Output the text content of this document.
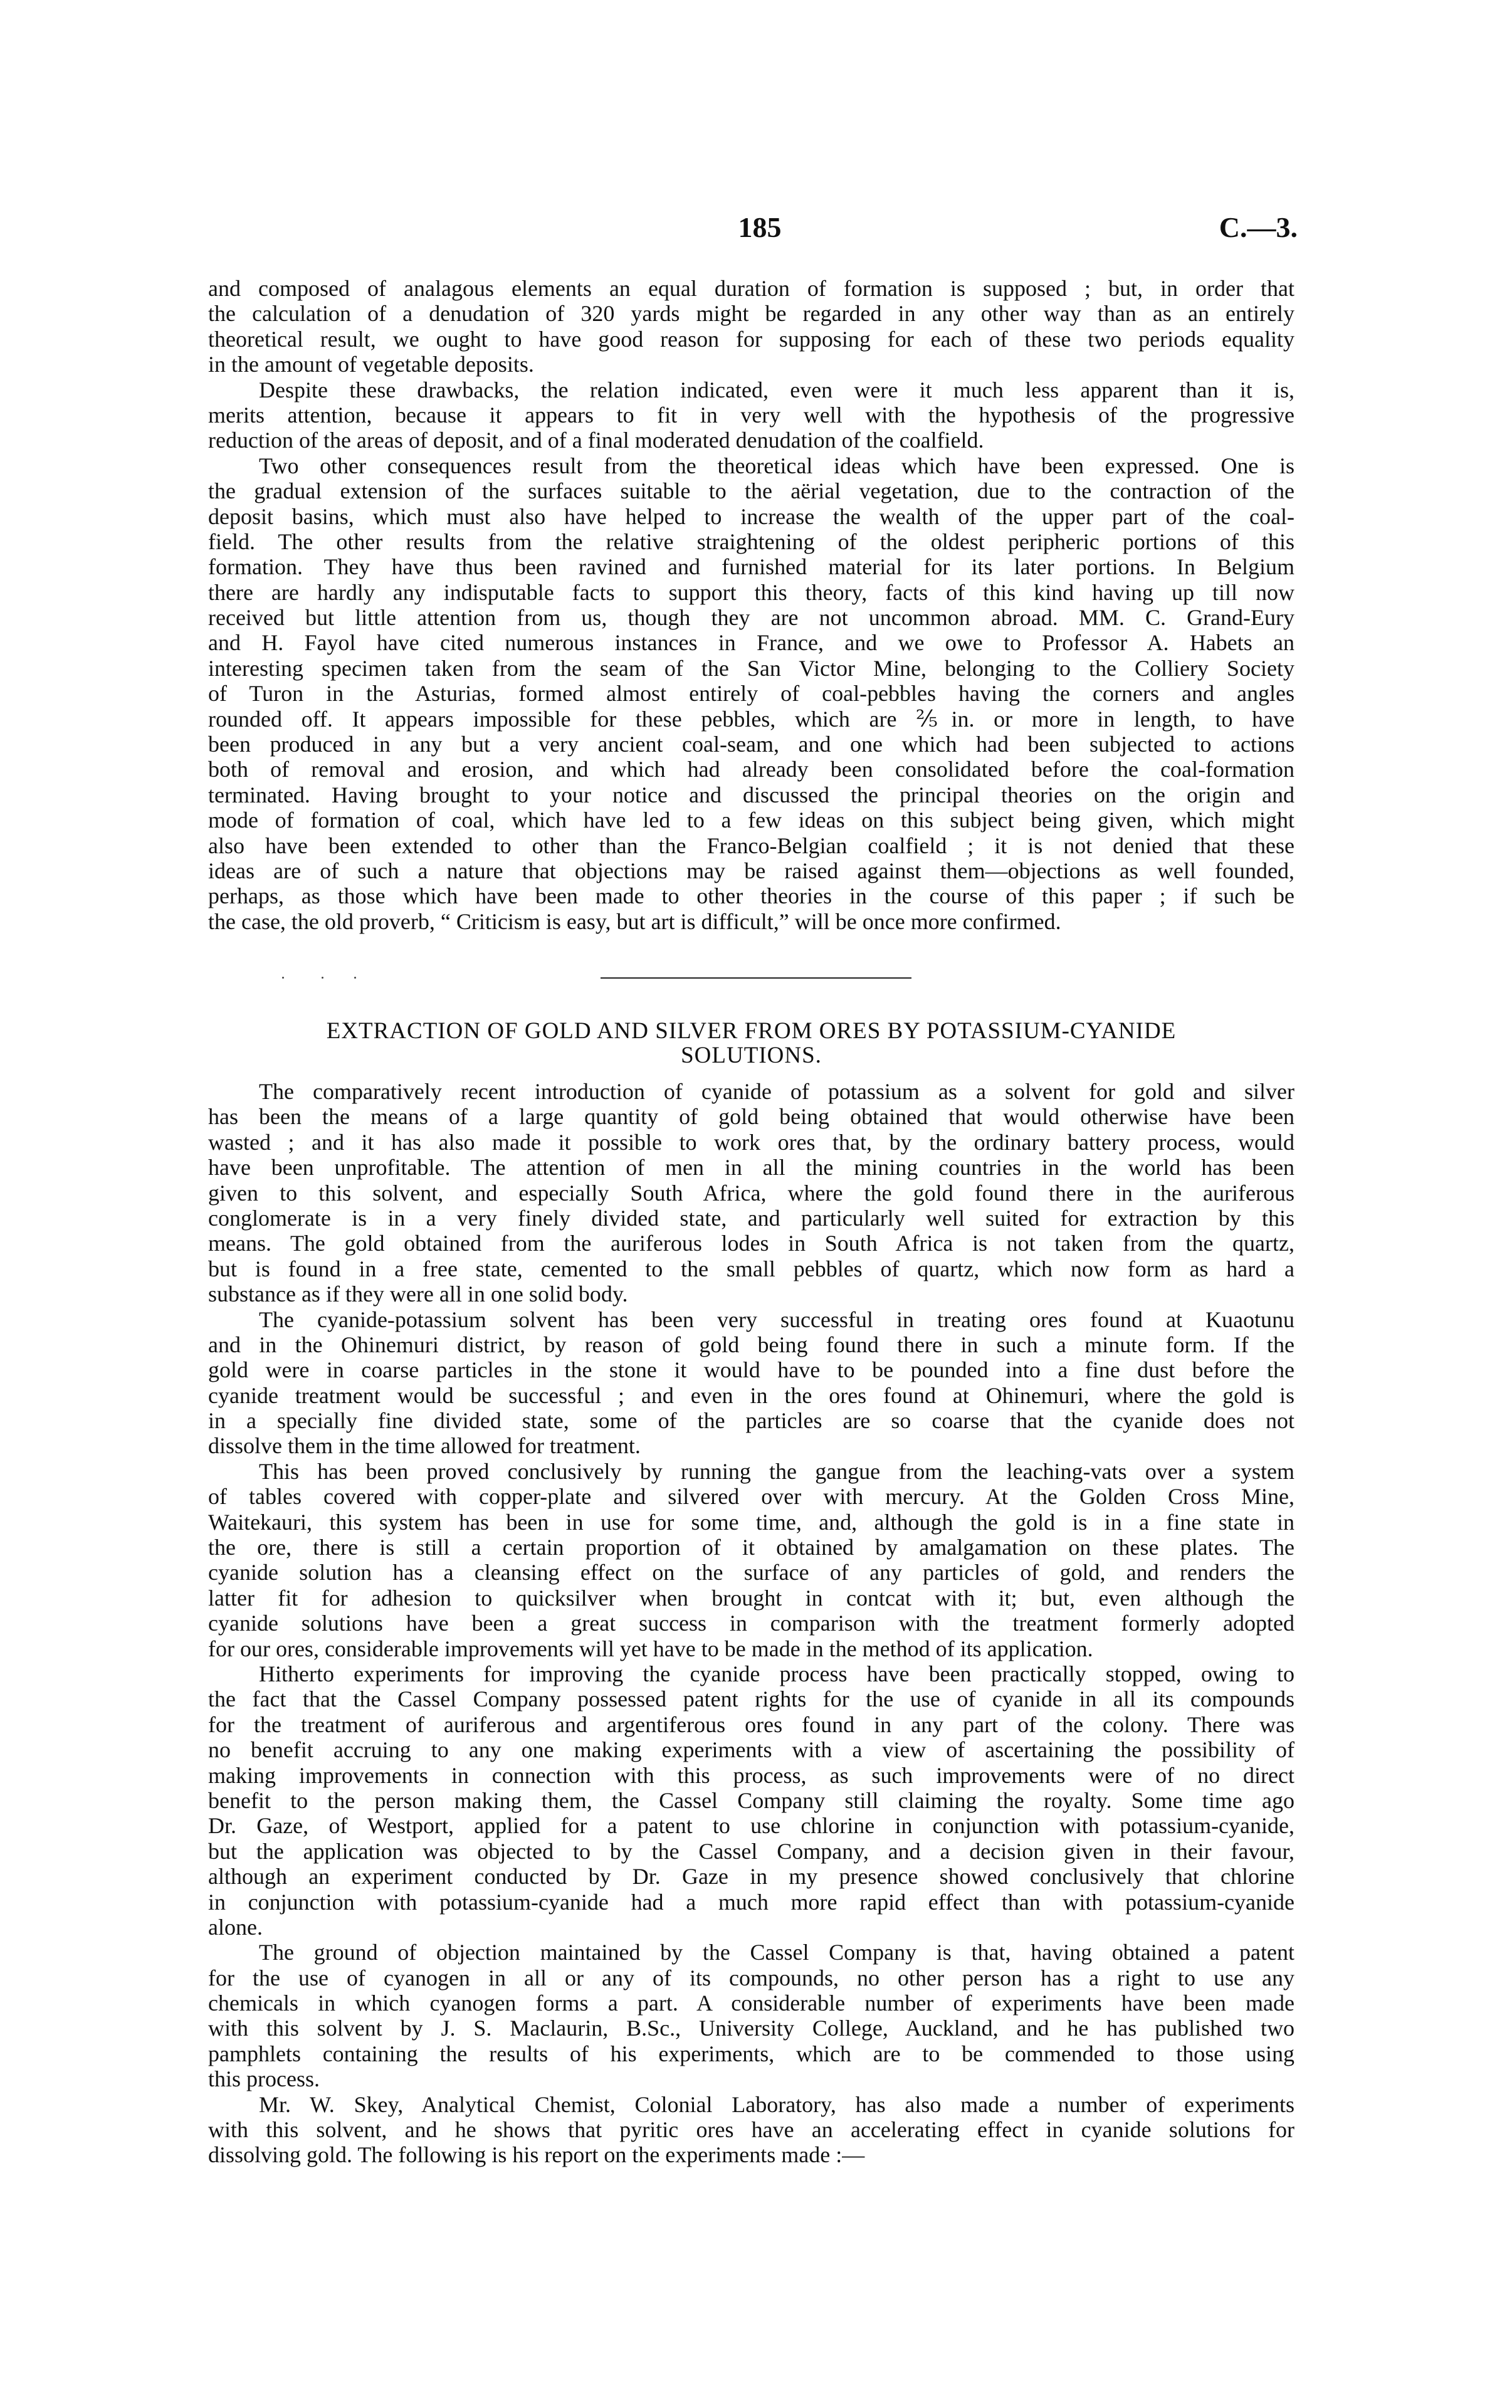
185	C.—3.
and composed of analagous elements an equal duration of formation is supposed ; but, in order that
the calculation of a denudation of 320 yards might be regarded in any other way than as an entirely
theoretical result, we ought to have good reason for supposing for each of these two periods equality
in the amount of vegetable deposits.
Despite these drawbacks, the relation indicated, even were it much less apparent than it is,
merits attention, because it appears to fit in very well with the hypothesis of the progressive
reduction of the areas of deposit, and of a final moderated denudation of the coalfield.
Two other consequences result from the theoretical ideas which have been expressed. One is
the gradual extension of the surfaces suitable to the aërial vegetation, due to the contraction of the
deposit basins, which must also have helped to increase the wealth of the upper part of the coal-
field. The other results from the relative straightening of the oldest peripheric portions of this
formation. They have thus been ravined and furnished material for its later portions. In Belgium
there are hardly any indisputable facts to support this theory, facts of this kind having up till now
received but little attention from us, though they are not uncommon abroad. MM. C. Grand-Eury
and H. Fayol have cited numerous instances in France, and we owe to Professor A. Habets an
interesting specimen taken from the seam of the San Victor Mine, belonging to the Colliery Society
of Turon in the Asturias, formed almost entirely of coal-pebbles having the corners and angles
rounded off. It appears impossible for these pebbles, which are ⅖in. or more in length, to have
been produced in any but a very ancient coal-seam, and one which had been subjected to actions
both of removal and erosion, and which had already been consolidated before the coal-formation
terminated. Having brought to your notice and discussed the principal theories on the origin and
mode of formation of coal, which have led to a few ideas on this subject being given, which might
also have been extended to other than the Franco-Belgian coalfield ; it is not denied that these
ideas are of such a nature that objections may be raised against them—objections as well founded,
perhaps, as those which have been made to other theories in the course of this paper ; if such be
the case, the old proverb, “ Criticism is easy, but art is difficult,” will be once more confirmed.
EXTRACTION OF GOLD AND SILVER FROM ORES BY POTASSIUM-CYANIDE
SOLUTIONS.
The comparatively recent introduction of cyanide of potassium as a solvent for gold and silver
has been the means of a large quantity of gold being obtained that would otherwise have been
wasted ; and it has also made it possible to work ores that, by the ordinary battery process, would
have been unprofitable. The attention of men in all the mining countries in the world has been
given to this solvent, and especially South Africa, where the gold found there in the auriferous
conglomerate is in a very finely divided state, and particularly well suited for extraction by this
means. The gold obtained from the auriferous lodes in South Africa is not taken from the quartz,
but is found in a free state, cemented to the small pebbles of quartz, which now form as hard a
substance as if they were all in one solid body.
The cyanide-potassium solvent has been very successful in treating ores found at Kuaotunu
and in the Ohinemuri district, by reason of gold being found there in such a minute form. If the
gold were in coarse particles in the stone it would have to be pounded into a fine dust before the
cyanide treatment would be successful ; and even in the ores found at Ohinemuri, where the gold is
in a specially fine divided state, some of the particles are so coarse that the cyanide does not
dissolve them in the time allowed for treatment.
This has been proved conclusively by running the gangue from the leaching-vats over a system
of tables covered with copper-plate and silvered over with mercury. At the Golden Cross Mine,
Waitekauri, this system has been in use for some time, and, although the gold is in a fine state in
the ore, there is still a certain proportion of it obtained by amalgamation on these plates. The
cyanide solution has a cleansing effect on the surface of any particles of gold, and renders the
latter fit for adhesion to quicksilver when brought in contcat with it; but, even although the
cyanide solutions have been a great success in comparison with the treatment formerly adopted
for our ores, considerable improvements will yet have to be made in the method of its application.
Hitherto experiments for improving the cyanide process have been practically stopped, owing to
the fact that the Cassel Company possessed patent rights for the use of cyanide in all its compounds
for the treatment of auriferous and argentiferous ores found in any part of the colony. There was
no benefit accruing to any one making experiments with a view of ascertaining the possibility of
making improvements in connection with this process, as such improvements were of no direct
benefit to the person making them, the Cassel Company still claiming the royalty. Some time ago
Dr. Gaze, of Westport, applied for a patent to use chlorine in conjunction with potassium-cyanide,
but the application was objected to by the Cassel Company, and a decision given in their favour,
although an experiment conducted by Dr. Gaze in my presence showed conclusively that chlorine
in conjunction with potassium-cyanide had a much more rapid effect than with potassium-cyanide
alone.
The ground of objection maintained by the Cassel Company is that, having obtained a patent
for the use of cyanogen in all or any of its compounds, no other person has a right to use any
chemicals in which cyanogen forms a part. A considerable number of experiments have been made
with this solvent by J. S. Maclaurin, B.Sc., University College, Auckland, and he has published two
pamphlets containing the results of his experiments, which are to be commended to those using
this process.
Mr. W. Skey, Analytical Chemist, Colonial Laboratory, has also made a number of experiments
with this solvent, and he shows that pyritic ores have an accelerating effect in cyanide solutions for
dissolving gold. The following is his report on the experiments made :—
